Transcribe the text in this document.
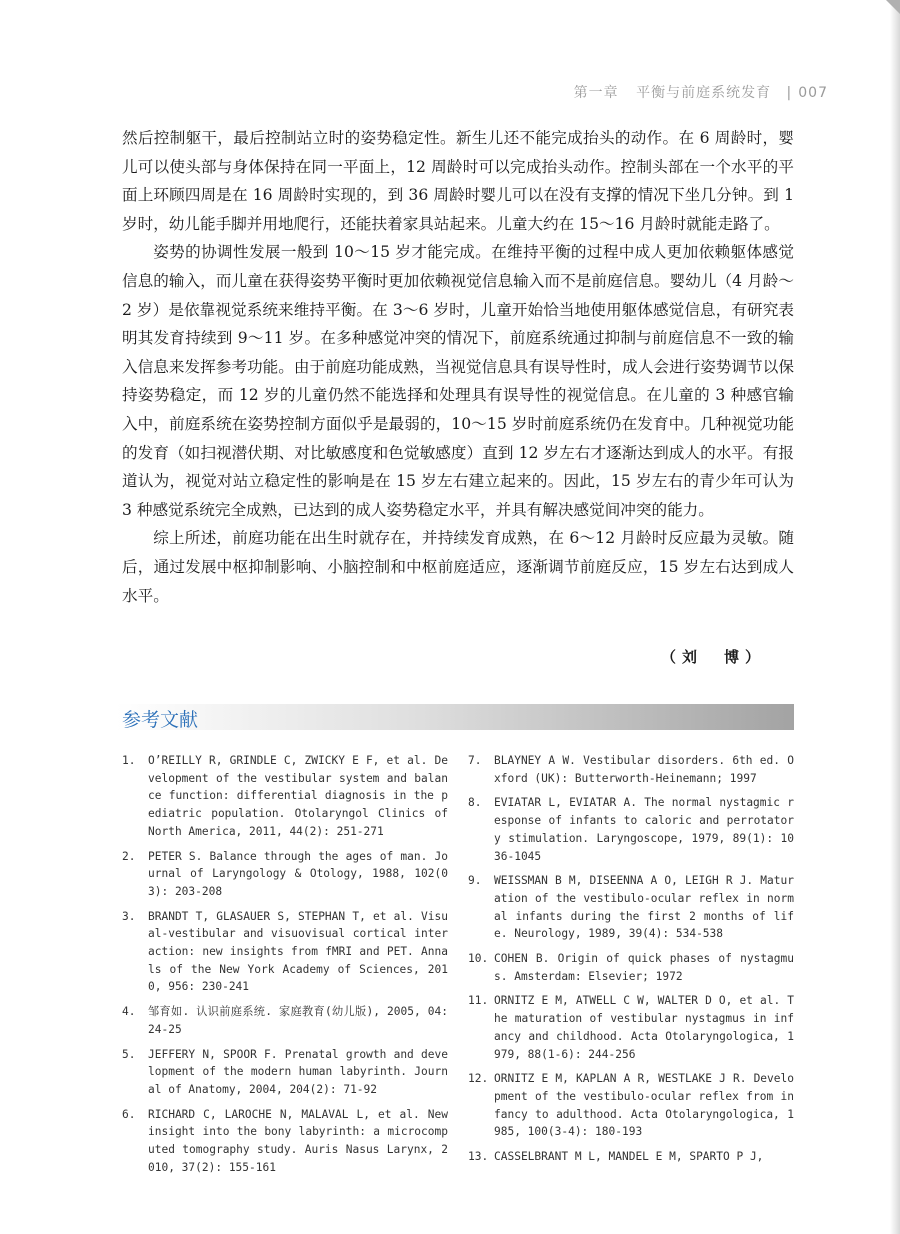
第一章 平衡与前庭系统发育 | 007

然后控制躯干，最后控制站立时的姿势稳定性。新生儿还不能完成抬头的动作。在 6 周龄时，婴儿可以使头部与身体保持在同一平面上，12 周龄时可以完成抬头动作。控制头部在一个水平的平面上环顾四周是在 16 周龄时实现的，到 36 周龄时婴儿可以在没有支撑的情况下坐几分钟。到 1 岁时，幼儿能手脚并用地爬行，还能扶着家具站起来。儿童大约在 15～16 月龄时就能走路了。

姿势的协调性发展一般到 10～15 岁才能完成。在维持平衡的过程中成人更加依赖躯体感觉信息的输入，而儿童在获得姿势平衡时更加依赖视觉信息输入而不是前庭信息。婴幼儿（4 月龄～2 岁）是依靠视觉系统来维持平衡。在 3～6 岁时，儿童开始恰当地使用躯体感觉信息，有研究表明其发育持续到 9～11 岁。在多种感觉冲突的情况下，前庭系统通过抑制与前庭信息不一致的输入信息来发挥参考功能。由于前庭功能成熟，当视觉信息具有误导性时，成人会进行姿势调节以保持姿势稳定，而 12 岁的儿童仍然不能选择和处理具有误导性的视觉信息。在儿童的 3 种感官输入中，前庭系统在姿势控制方面似乎是最弱的，10～15 岁时前庭系统仍在发育中。几种视觉功能的发育（如扫视潜伏期、对比敏感度和色觉敏感度）直到 12 岁左右才逐渐达到成人的水平。有报道认为，视觉对站立稳定性的影响是在 15 岁左右建立起来的。因此，15 岁左右的青少年可认为 3 种感觉系统完全成熟，已达到的成人姿势稳定水平，并具有解决感觉间冲突的能力。

综上所述，前庭功能在出生时就存在，并持续发育成熟，在 6～12 月龄时反应最为灵敏。随后，通过发展中枢抑制影响、小脑控制和中枢前庭适应，逐渐调节前庭反应，15 岁左右达到成人水平。

（刘　博）
参考文献
1.	O’REILLY R, GRINDLE C, ZWICKY E F, et al. Development of the vestibular system and balance function: differential diagnosis in the pediatric population. Otolaryngol Clinics of North America, 2011, 44(2): 251-271
2.	PETER S. Balance through the ages of man. Journal of Laryngology & Otology, 1988, 102(03): 203-208
3.	BRANDT T, GLASAUER S, STEPHAN T, et al. Visual-vestibular and visuovisual cortical interaction: new insights from fMRI and PET. Annals of the New York Academy of Sciences, 2010, 956: 230-241
4.	邹育如. 认识前庭系统. 家庭教育(幼儿版), 2005, 04: 24-25
5.	JEFFERY N, SPOOR F. Prenatal growth and development of the modern human labyrinth. Journal of Anatomy, 2004, 204(2): 71-92
6.	RICHARD C, LAROCHE N, MALAVAL L, et al. New insight into the bony labyrinth: a microcomputed tomography study. Auris Nasus Larynx, 2010, 37(2): 155-161
7.	BLAYNEY A W. Vestibular disorders. 6th ed. Oxford (UK): Butterworth-Heinemann; 1997
8.	EVIATAR L, EVIATAR A. The normal nystagmic response of infants to caloric and perrotatory stimulation. Laryngoscope, 1979, 89(1): 1036-1045
9.	WEISSMAN B M, DISEENNA A O, LEIGH R J. Maturation of the vestibulo-ocular reflex in normal infants during the first 2 months of life. Neurology, 1989, 39(4): 534-538
10. COHEN B. Origin of quick phases of nystagmus. Amsterdam: Elsevier; 1972
11. ORNITZ E M, ATWELL C W, WALTER D O, et al. The maturation of vestibular nystagmus in infancy and childhood. Acta Otolaryngologica, 1979, 88(1-6): 244-256
12. ORNITZ E M, KAPLAN A R, WESTLAKE J R. Development of the vestibulo-ocular reflex from infancy to adulthood. Acta Otolaryngologica, 1985, 100(3-4): 180-193
13. CASSELBRANT M L, MANDEL E M, SPARTO P J,
